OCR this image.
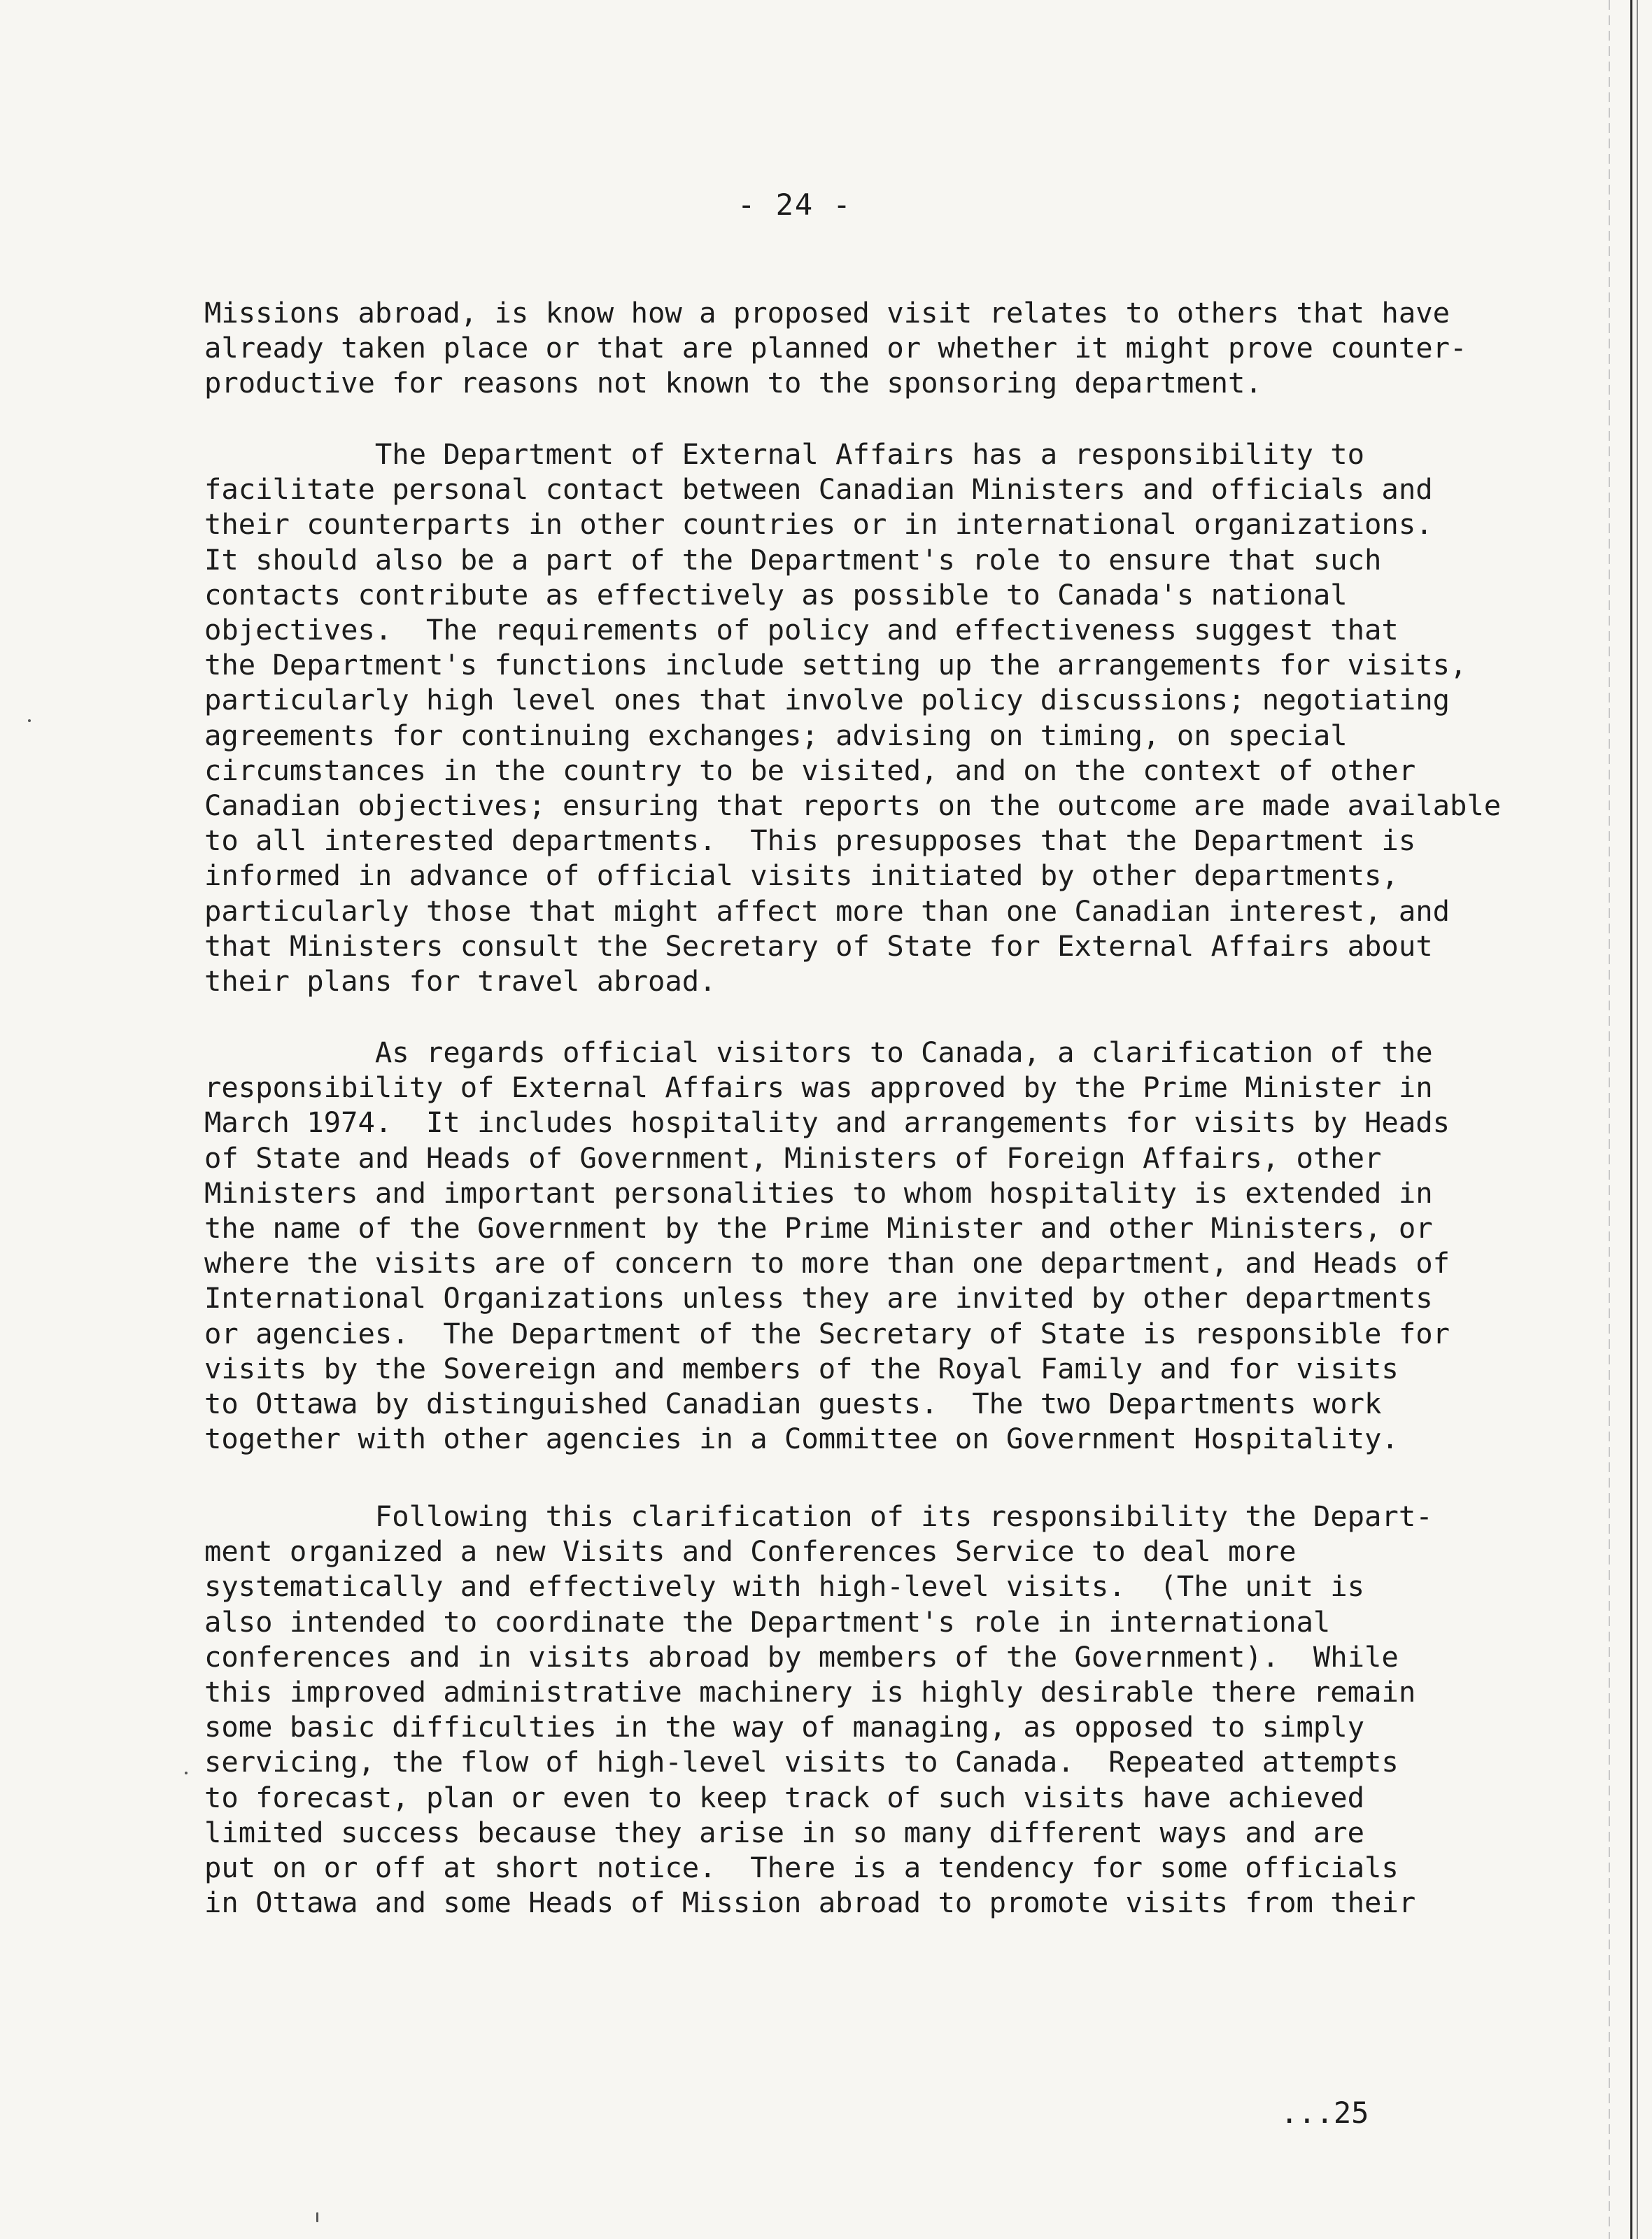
- 24 -

Missions abroad, is know how a proposed visit relates to others that have
already taken place or that are planned or whether it might prove counter-
productive for reasons not known to the sponsoring department.

The Department of External Affairs has a responsibility to
facilitate personal contact between Canadian Ministers and officials and
their counterparts in other countries or in international organizations.
It should also be a part of the Department's role to ensure that such
contacts contribute as effectively as possible to Canada's national
objectives.  The requirements of policy and effectiveness suggest that
the Department's functions include setting up the arrangements for visits,
particularly high level ones that involve policy discussions; negotiating
agreements for continuing exchanges; advising on timing, on special
circumstances in the country to be visited, and on the context of other
Canadian objectives; ensuring that reports on the outcome are made available
to all interested departments.  This presupposes that the Department is
informed in advance of official visits initiated by other departments,
particularly those that might affect more than one Canadian interest, and
that Ministers consult the Secretary of State for External Affairs about
their plans for travel abroad.

As regards official visitors to Canada, a clarification of the
responsibility of External Affairs was approved by the Prime Minister in
March 1974.  It includes hospitality and arrangements for visits by Heads
of State and Heads of Government, Ministers of Foreign Affairs, other
Ministers and important personalities to whom hospitality is extended in
the name of the Government by the Prime Minister and other Ministers, or
where the visits are of concern to more than one department, and Heads of
International Organizations unless they are invited by other departments
or agencies.  The Department of the Secretary of State is responsible for
visits by the Sovereign and members of the Royal Family and for visits
to Ottawa by distinguished Canadian guests.  The two Departments work
together with other agencies in a Committee on Government Hospitality.

Following this clarification of its responsibility the Depart-
ment organized a new Visits and Conferences Service to deal more
systematically and effectively with high-level visits.  (The unit is
also intended to coordinate the Department's role in international
conferences and in visits abroad by members of the Government).  While
this improved administrative machinery is highly desirable there remain
some basic difficulties in the way of managing, as opposed to simply
servicing, the flow of high-level visits to Canada.  Repeated attempts
to forecast, plan or even to keep track of such visits have achieved
limited success because they arise in so many different ways and are
put on or off at short notice.  There is a tendency for some officials
in Ottawa and some Heads of Mission abroad to promote visits from their

...25
